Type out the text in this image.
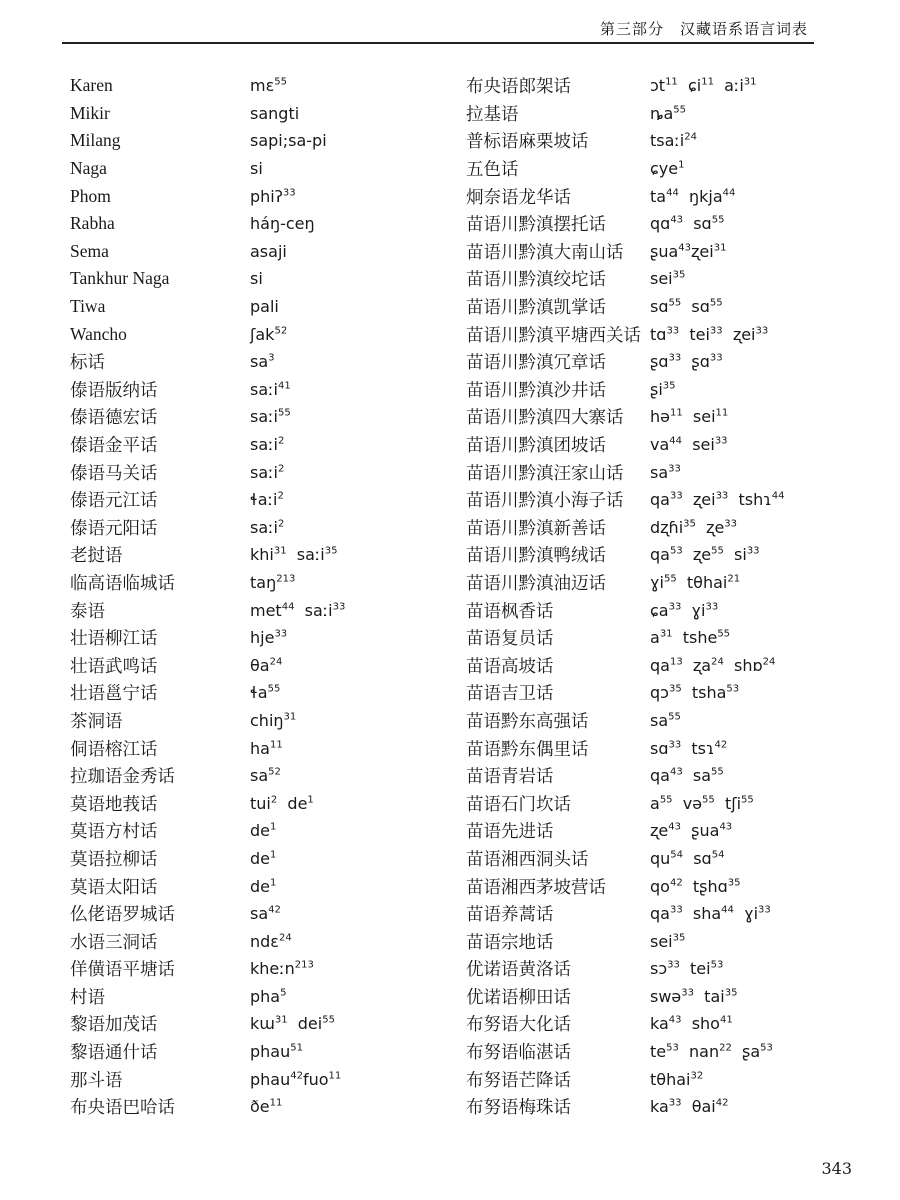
第三部分　汉藏语系语言词表
Karen	mɛ$^{55}$
Mikir	sangti
Milang	sapi;sa-pi
Naga	si
Phom	phiʔ$^{33}$
Rabha	háŋ-ceŋ
Sema	asaji
Tankhur Naga	si
Tiwa	pali
Wancho	ʃak$^{52}$
标话	$sa^3$
傣语版纳话	saːi$^{41}$
傣语德宏话	saːi$^{55}$
傣语金平话	saːi$^2$
傣语马关话	saːi$^2$
傣语元江话	ɬaːi$^2$
傣语元阳话	saːi$^2$
老挝语	khi$^{31}$  saːi$^{35}$
临高语临城话	taŋ$^{213}$
泰语	met$^{44}$  saːi$^{33}$
壮语柳江话	hje$^{33}$
壮语武鸣话	$\theta a^{24}$
壮语邕宁话	ɬa$^{55}$
茶洞语	chiŋ$^{31}$
侗语榕江话	$ha^{11}$
拉珈语金秀话	$sa^{52}$
莫语地莪话	tui$^2$  $de^1$
莫语方村话	$de^1$
莫语拉柳话	$de^1$
莫语太阳话	$de^1$
仫佬语罗城话	$sa^{42}$
水语三洞话	ndɛ$^{24}$
佯僙语平塘话	kheːn$^{213}$
村语	pha$^5$
黎语加茂话	kɯ$^{31}$  dei$^{55}$
黎语通什话	phau$^{51}$
那斗语	phau$^{42}$fuo$^{11}$
布央语巴哈话	$ðe^{11}$
布央语郎架话	ɔt$^{11}$  ɕi$^{11}$  aːi$^{31}$
拉基语	$ȵa^{55}$
普标语麻栗坡话	tsaːi$^{24}$
五色话	ɕye$^1$
炯奈语龙华话	$ta^{44}$  ŋkja$^{44}$
苗语川黔滇摆托话	qɑ$^{43}$  sɑ$^{55}$
苗语川黔滇大南山话	ʂua$^{43}$ʐei$^{31}$
苗语川黔滇绞坨话	sei$^{35}$
苗语川黔滇凯掌话	sɑ$^{55}$  sɑ$^{55}$
苗语川黔滇平塘西关话 tɑ$^{33}$  tei$^{33}$  ʐei$^{33}$
苗语川黔滇冗章话	ʂɑ$^{33}$  ʂɑ$^{33}$
苗语川黔滇沙井话	ʂi$^{35}$
苗语川黔滇四大寨话	hə$^{11}$  sei$^{11}$
苗语川黔滇团坡话	$va^{44}$  sei$^{33}$
苗语川黔滇汪家山话	$sa^{33}$
苗语川黔滇小海子话	$qa^{33}$  ʐei$^{33}$  tshɿ$^{44}$
苗语川黔滇新善话	dʐɦi$^{35}$  ʐe$^{33}$
苗语川黔滇鸭绒话	$qa^{53}$  ʐe$^{55}$  $si^{33}$
苗语川黔滇油迈话	ɣi$^{55}$  tθhai$^{21}$
苗语枫香话	ɕa$^{33}$  ɣi$^{33}$
苗语复员话	$a^{31}$  tshe$^{55}$
苗语高坡话	$qa^{13}$  ʐa$^{24}$  shɒ$^{24}$
苗语吉卫话	qɔ$^{35}$  tsha$^{53}$
苗语黔东高强话	$sa^{55}$
苗语黔东偶里话	sɑ$^{33}$  tsɿ$^{42}$
苗语青岩话	$qa^{43}$  $sa^{55}$
苗语石门坎话	$a^{55}$  və$^{55}$  tʃi$^{55}$
苗语先进话	ʐe$^{43}$  ʂua$^{43}$
苗语湘西洞头话	$qu^{54}$  sɑ$^{54}$
苗语湘西茅坡营话	$qo^{42}$  tʂhɑ$^{35}$
苗语养蒿话	$qa^{33}$  sha$^{44}$  ɣi$^{33}$
苗语宗地话	sei$^{35}$
优诺语黄洛话	sɔ$^{33}$  tei$^{53}$
优诺语柳田话	swə$^{33}$  tai$^{35}$
布努语大化话	$ka^{43}$  sho$^{41}$
布努语临湛话	$te^{53}$  nan$^{22}$  ʂa$^{53}$
布努语芒降话	tθhai$^{32}$
布努语梅珠话	$ka^{33}$  θai$^{42}$
343
